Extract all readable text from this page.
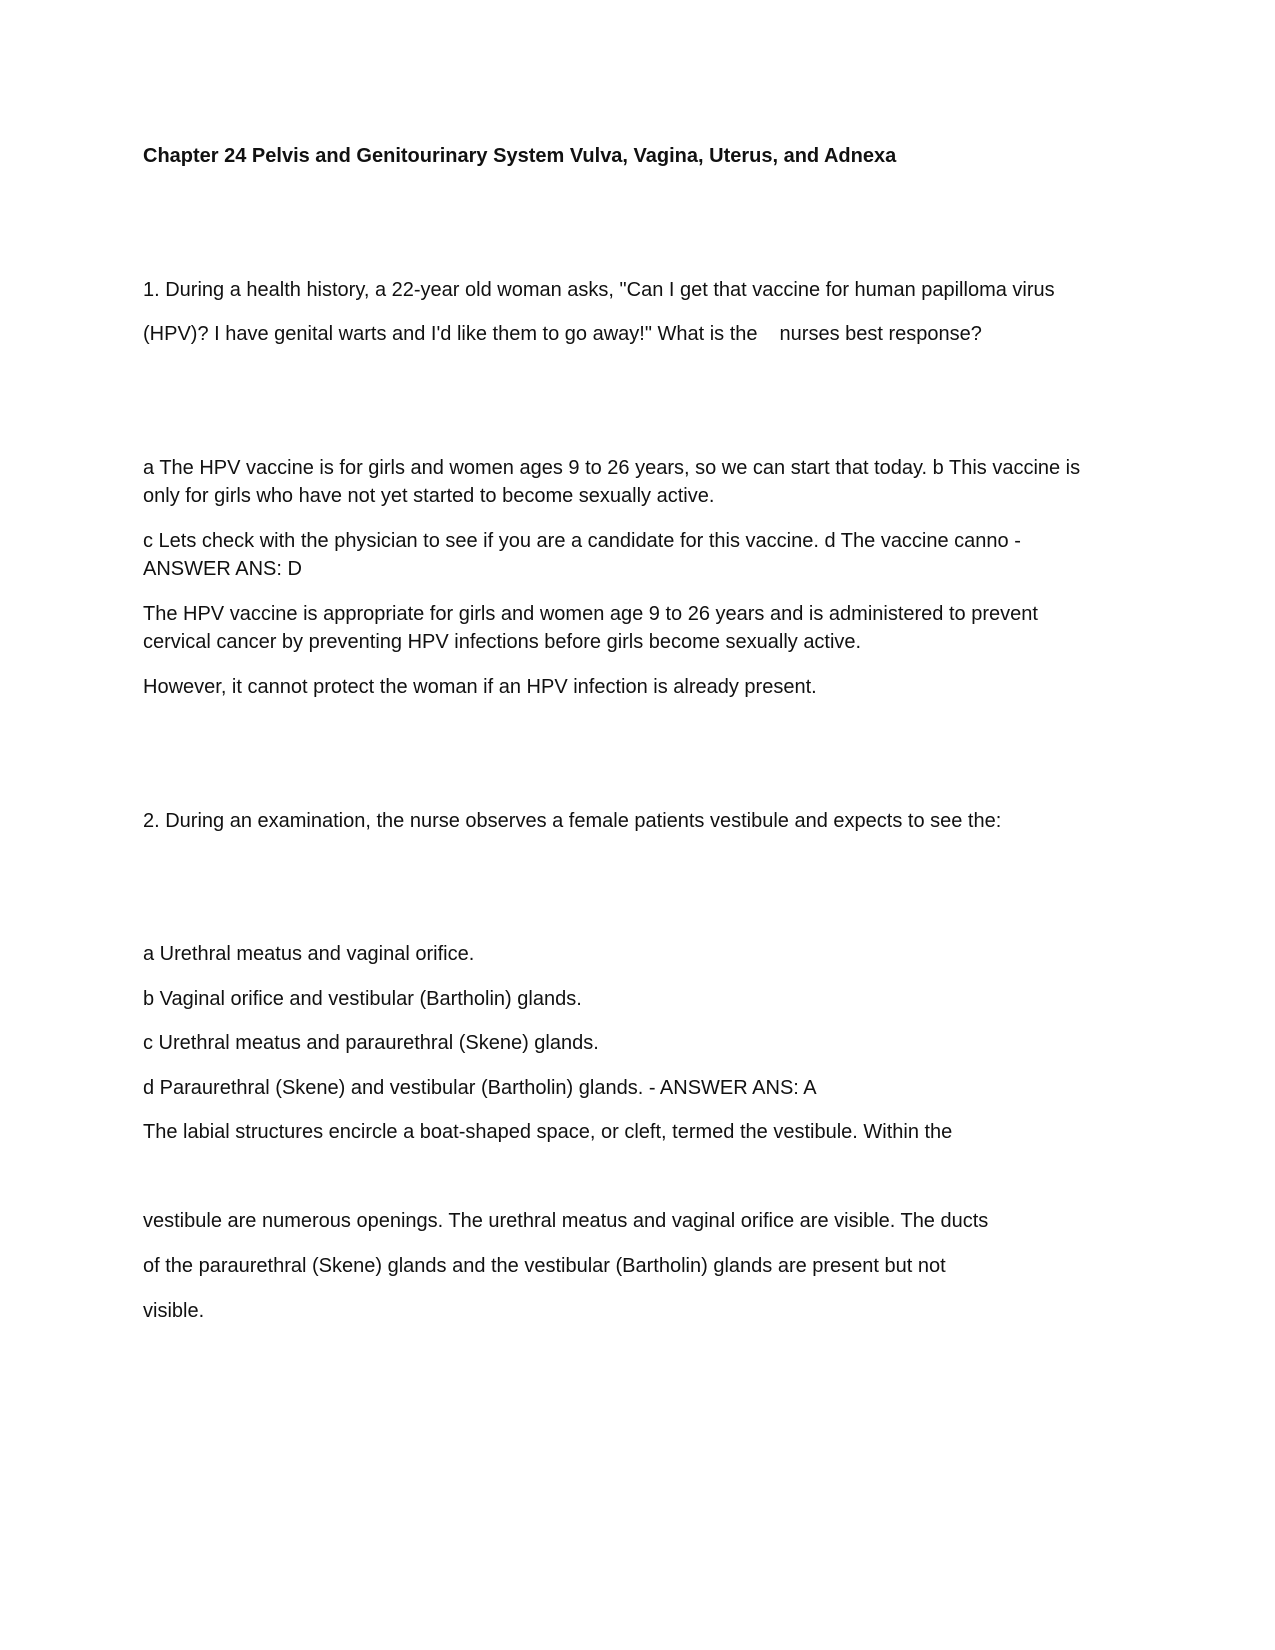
Chapter 24 Pelvis and Genitourinary System Vulva, Vagina, Uterus, and Adnexa

1. During a health history, a 22-year old woman asks, "Can I get that vaccine for human papilloma virus

(HPV)? I have genital warts and I'd like them to go away!" What is the nurses best response?

a The HPV vaccine is for girls and women ages 9 to 26 years, so we can start that today. b This vaccine is

only for girls who have not yet started to become sexually active.

c Lets check with the physician to see if you are a candidate for this vaccine. d The vaccine canno -

ANSWER ANS: D

The HPV vaccine is appropriate for girls and women age 9 to 26 years and is administered to prevent

cervical cancer by preventing HPV infections before girls become sexually active.

However, it cannot protect the woman if an HPV infection is already present.

2. During an examination, the nurse observes a female patients vestibule and expects to see the:

a Urethral meatus and vaginal orifice.

b Vaginal orifice and vestibular (Bartholin) glands.

c Urethral meatus and paraurethral (Skene) glands.

d Paraurethral (Skene) and vestibular (Bartholin) glands. - ANSWER ANS: A

The labial structures encircle a boat-shaped space, or cleft, termed the vestibule. Within the

vestibule are numerous openings. The urethral meatus and vaginal orifice are visible. The ducts

of the paraurethral (Skene) glands and the vestibular (Bartholin) glands are present but not

visible.
